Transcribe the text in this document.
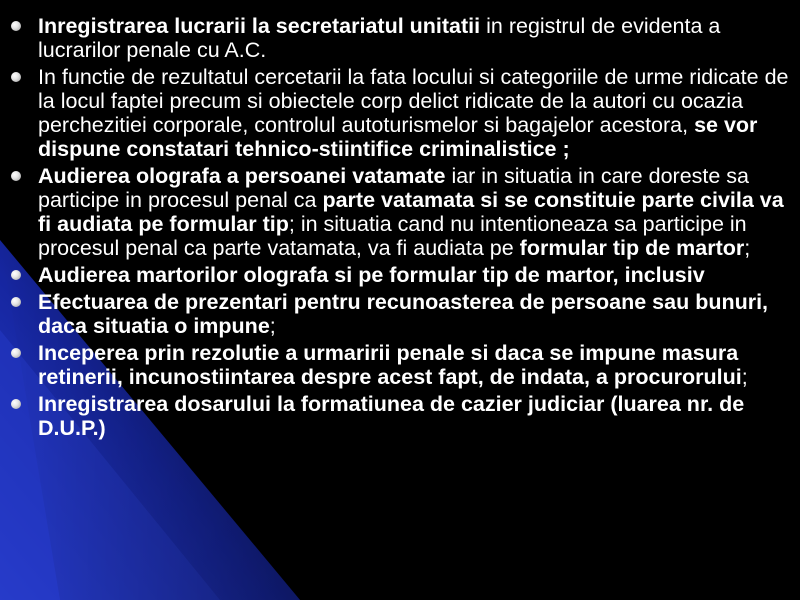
Inregistrarea lucrarii la secretariatul unitatii in registrul de evidenta a lucrarilor penale cu A.C.
In functie de rezultatul cercetarii la fata locului si categoriile de urme ridicate de la locul faptei precum si obiectele corp delict ridicate de la autori cu ocazia perchezitiei corporale, controlul autoturismelor si bagajelor acestora, se vor dispune constatari tehnico-stiintifice criminalistice ;
Audierea olografa a persoanei vatamate iar in situatia in care doreste sa participe in procesul penal ca parte vatamata si se constituie parte civila va fi audiata pe formular tip; in situatia cand nu intentioneaza sa participe in procesul penal ca parte vatamata, va fi audiata pe formular tip de martor;
Audierea martorilor olografa si pe formular tip de martor, inclusiv
Efectuarea de prezentari pentru recunoasterea de persoane sau bunuri, daca situatia o impune;
Inceperea prin rezolutie a urmaririi penale si daca se impune masura retinerii, incunostiintarea despre acest fapt, de indata, a procurorului;
Inregistrarea dosarului la formatiunea de cazier judiciar (luarea nr. de D.U.P.)
